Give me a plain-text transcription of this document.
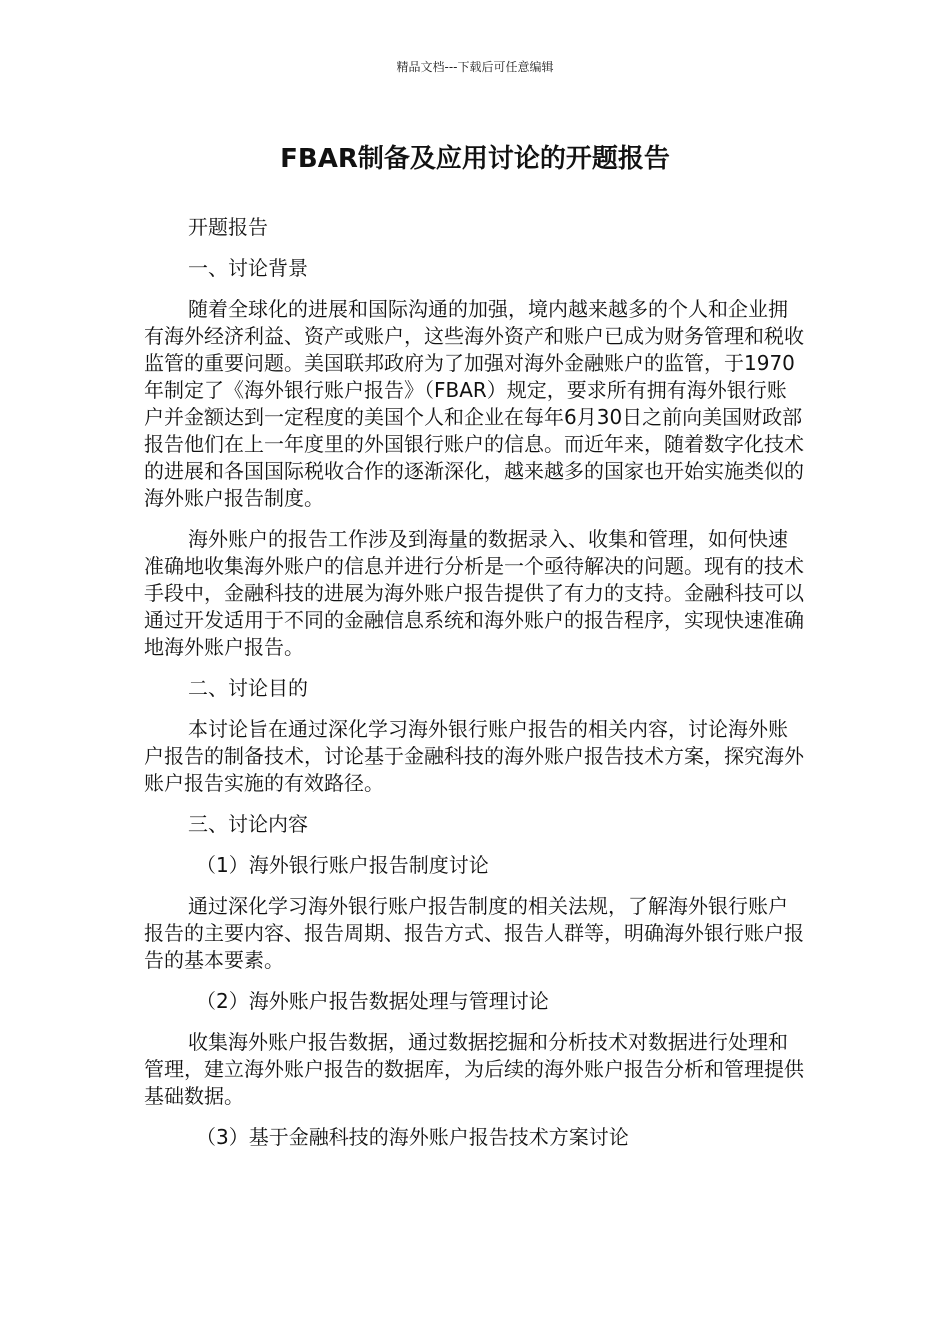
精品文档---下载后可任意编辑
FBAR制备及应用讨论的开题报告

开题报告

一、讨论背景

随着全球化的进展和国际沟通的加强，境内越来越多的个人和企业拥有海外经济利益、资产或账户，这些海外资产和账户已成为财务管理和税收监管的重要问题。美国联邦政府为了加强对海外金融账户的监管，于1970年制定了《海外银行账户报告》（FBAR）规定，要求所有拥有海外银行账户并金额达到一定程度的美国个人和企业在每年6月30日之前向美国财政部报告他们在上一年度里的外国银行账户的信息。而近年来，随着数字化技术的进展和各国国际税收合作的逐渐深化，越来越多的国家也开始实施类似的海外账户报告制度。

海外账户的报告工作涉及到海量的数据录入、收集和管理，如何快速准确地收集海外账户的信息并进行分析是一个亟待解决的问题。现有的技术手段中，金融科技的进展为海外账户报告提供了有力的支持。金融科技可以通过开发适用于不同的金融信息系统和海外账户的报告程序，实现快速准确地海外账户报告。

二、讨论目的

本讨论旨在通过深化学习海外银行账户报告的相关内容，讨论海外账户报告的制备技术，讨论基于金融科技的海外账户报告技术方案，探究海外账户报告实施的有效路径。

三、讨论内容

（1）海外银行账户报告制度讨论

通过深化学习海外银行账户报告制度的相关法规，了解海外银行账户报告的主要内容、报告周期、报告方式、报告人群等，明确海外银行账户报告的基本要素。

（2）海外账户报告数据处理与管理讨论

收集海外账户报告数据，通过数据挖掘和分析技术对数据进行处理和管理，建立海外账户报告的数据库，为后续的海外账户报告分析和管理提供基础数据。

（3）基于金融科技的海外账户报告技术方案讨论
